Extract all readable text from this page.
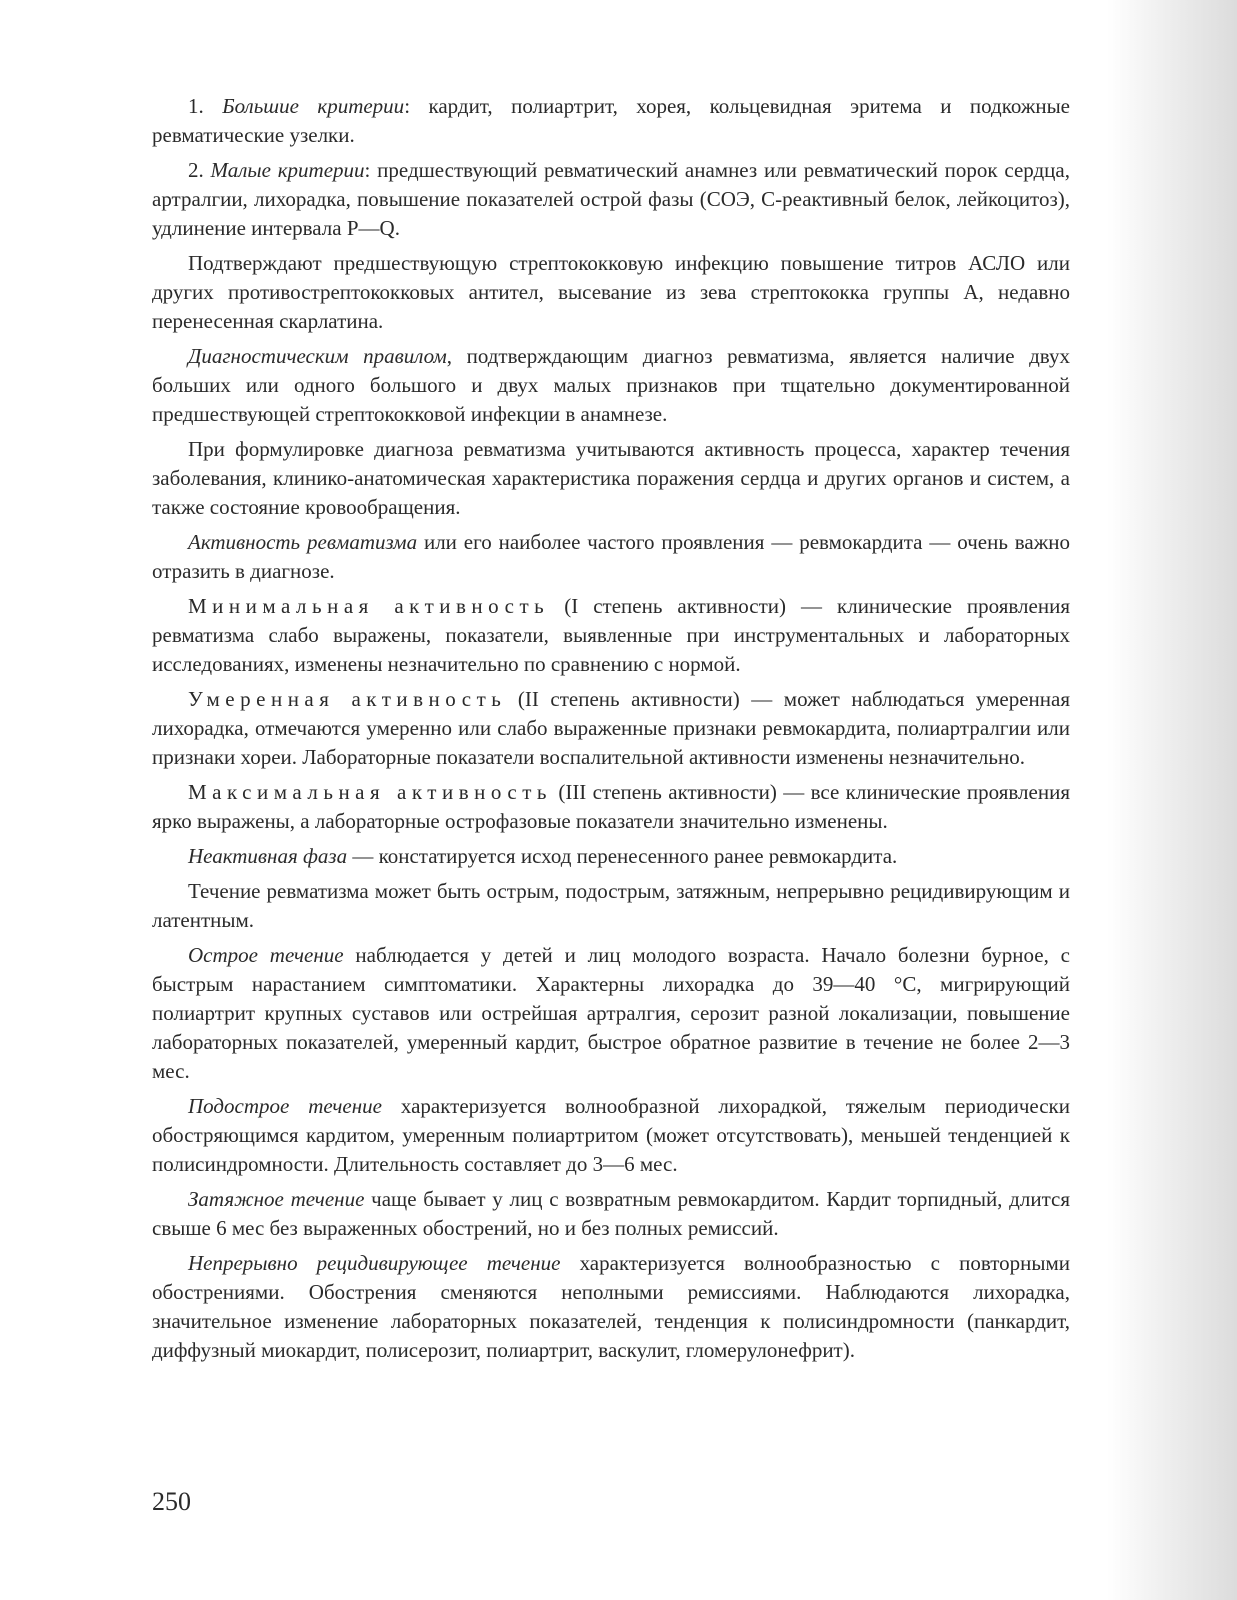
1. Большие критерии: кардит, полиартрит, хорея, кольцевидная эритема и подкожные ревматические узелки.

2. Малые критерии: предшествующий ревматический анамнез или ревматический порок сердца, артралгии, лихорадка, повышение показателей острой фазы (СОЭ, С-реактивный белок, лейкоцитоз), удлинение интервала P—Q.

Подтверждают предшествующую стрептококковую инфекцию повышение титров АСЛО или других противострептококковых антител, высевание из зева стрептококка группы А, недавно перенесенная скарлатина.

Диагностическим правилом, подтверждающим диагноз ревматизма, является наличие двух больших или одного большого и двух малых признаков при тщательно документированной предшествующей стрептококковой инфекции в анамнезе.

При формулировке диагноза ревматизма учитываются активность процесса, характер течения заболевания, клинико-анатомическая характеристика поражения сердца и других органов и систем, а также состояние кровообращения.

Активность ревматизма или его наиболее частого проявления — ревмокардита — очень важно отразить в диагнозе.

Минимальная активность (I степень активности) — клинические проявления ревматизма слабо выражены, показатели, выявленные при инструментальных и лабораторных исследованиях, изменены незначительно по сравнению с нормой.

Умеренная активность (II степень активности) — может наблюдаться умеренная лихорадка, отмечаются умеренно или слабо выраженные признаки ревмокардита, полиартралгии или признаки хореи. Лабораторные показатели воспалительной активности изменены незначительно.

Максимальная активность (III степень активности) — все клинические проявления ярко выражены, а лабораторные острофазовые показатели значительно изменены.

Неактивная фаза — констатируется исход перенесенного ранее ревмокардита.

Течение ревматизма может быть острым, подострым, затяжным, непрерывно рецидивирующим и латентным.

Острое течение наблюдается у детей и лиц молодого возраста. Начало болезни бурное, с быстрым нарастанием симптоматики. Характерны лихорадка до 39—40 °С, мигрирующий полиартрит крупных суставов или острейшая артралгия, серозит разной локализации, повышение лабораторных показателей, умеренный кардит, быстрое обратное развитие в течение не более 2—3 мес.

Подострое течение характеризуется волнообразной лихорадкой, тяжелым периодически обостряющимся кардитом, умеренным полиартритом (может отсутствовать), меньшей тенденцией к полисиндромности. Длительность составляет до 3—6 мес.

Затяжное течение чаще бывает у лиц с возвратным ревмокардитом. Кардит торпидный, длится свыше 6 мес без выраженных обострений, но и без полных ремиссий.

Непрерывно рецидивирующее течение характеризуется волнообразностью с повторными обострениями. Обострения сменяются неполными ремиссиями. Наблюдаются лихорадка, значительное изменение лабораторных показателей, тенденция к полисиндромности (панкардит, диффузный миокардит, полисерозит, полиартрит, васкулит, гломерулонефрит).

250
